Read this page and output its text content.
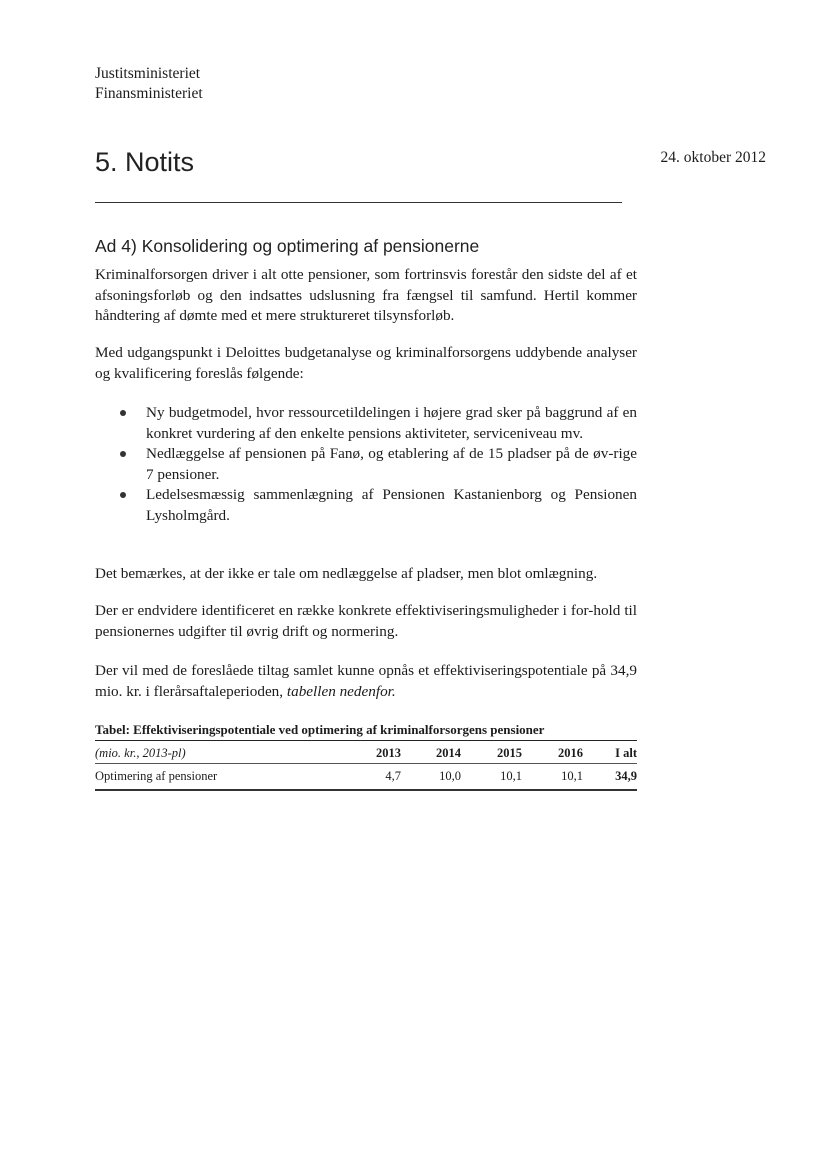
Justitsministeriet
Finansministeriet
5. Notits	24. oktober 2012
Ad 4) Konsolidering og optimering af pensionerne
Kriminalforsorgen driver i alt otte pensioner, som fortrinsvis forestår den sidste del af et afsoningsforløb og den indsattes udslusning fra fængsel til samfund. Hertil kommer håndtering af dømte med et mere struktureret tilsynsforløb.
Med udgangspunkt i Deloittes budgetanalyse og kriminalforsorgens uddybende analyser og kvalificering foreslås følgende:
Ny budgetmodel, hvor ressourcetildelingen i højere grad sker på baggrund af en konkret vurdering af den enkelte pensions aktiviteter, serviceniveau mv.
Nedlæggelse af pensionen på Fanø, og etablering af de 15 pladser på de øv-rige 7 pensioner.
Ledelsesmæssig sammenlægning af Pensionen Kastanienborg og Pensionen Lysholmgård.
Det bemærkes, at der ikke er tale om nedlæggelse af pladser, men blot omlægning.
Der er endvidere identificeret en række konkrete effektiviseringsmuligheder i for-hold til pensionernes udgifter til øvrig drift og normering.
Der vil med de foreslåede tiltag samlet kunne opnås et effektiviseringspotentiale på 34,9 mio. kr. i flerårsaftaleperioden, tabellen nedenfor.
Tabel: Effektiviseringspotentiale ved optimering af kriminalforsorgens pensioner
(mio. kr., 2013-pl)	2013	2014	2015	2016	I alt
Optimering af pensioner	4,7	10,0	10,1	10,1	34,9
